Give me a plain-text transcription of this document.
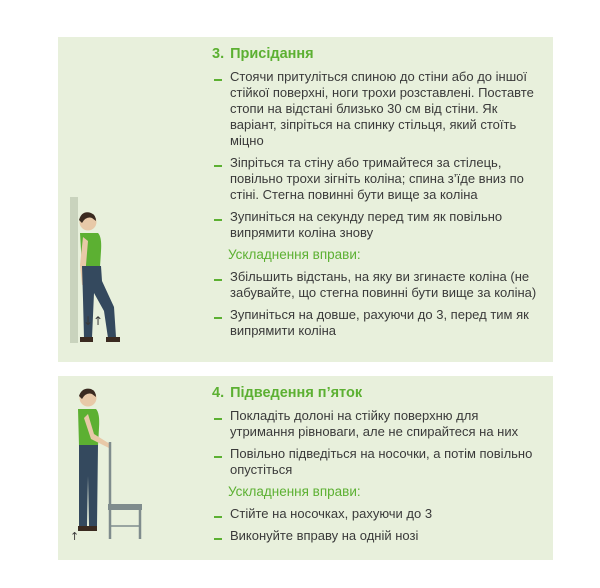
↓↑
3. Присідання
Стоячи притуліться спиною до стіни або до іншої стійкої поверхні, ноги трохи розставлені. Поставте стопи на відстані близько 30 см від стіни. Як варіант, зіпріться на спинку стільця, який стоїть міцно
Зіпріться та стіну або тримайтеся за стілець, повільно трохи зігніть коліна; спина з’їде вниз по стіні. Стегна повинні бути вище за коліна
Зупиніться на секунду перед тим як повільно випрямити коліна знову
Ускладнення вправи:
Збільшить відстань, на яку ви згинаєте коліна (не забувайте, що стегна повинні бути вище за коліна)
Зупиніться на довше, рахуючи до 3, перед тим як випрямити коліна
↑
4. Підведення п’яток
Покладіть долоні на стійку поверхню для утримання рівноваги, але не спирайтеся на них
Повільно підведіться на носочки, а потім повільно опустіться
Ускладнення вправи:
Стійте на носочках, рахуючи до 3
Виконуйте вправу на одній нозі
